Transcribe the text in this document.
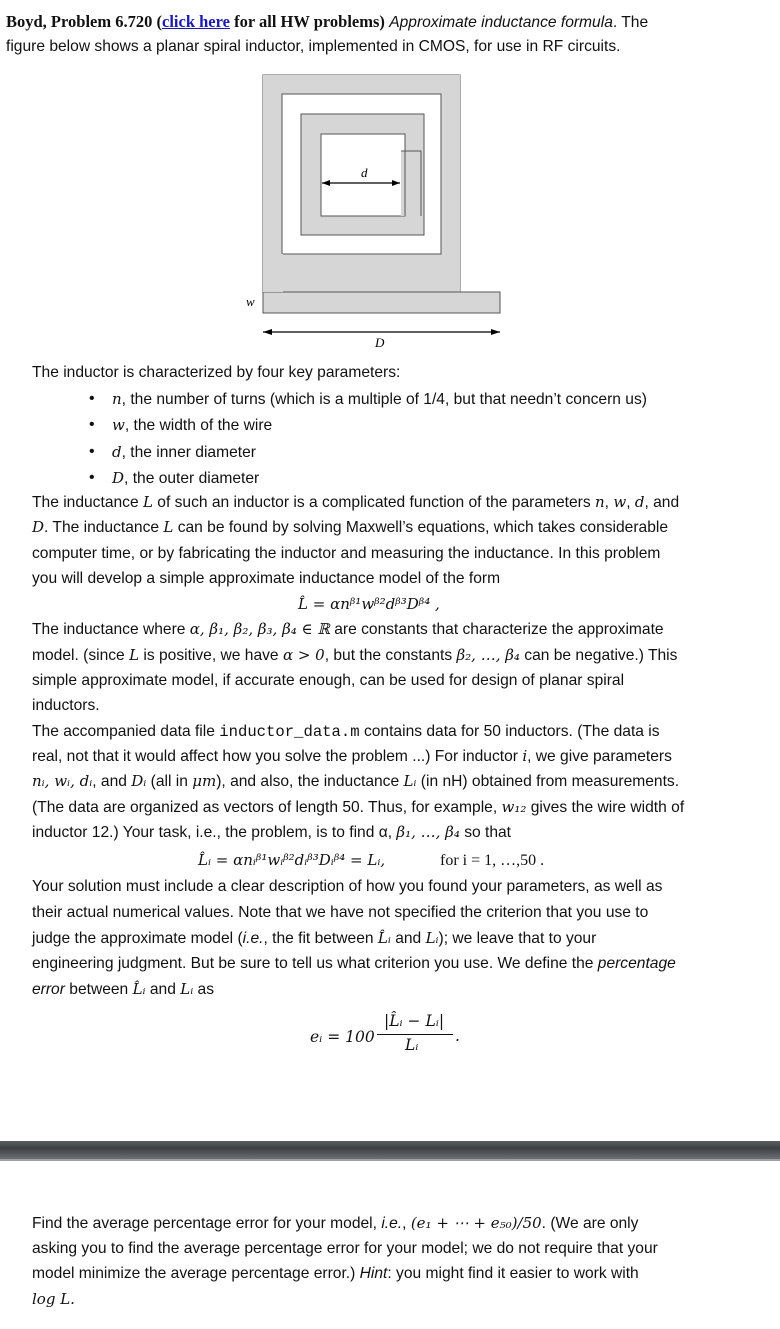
Boyd, Problem 6.720 (click here for all HW problems) Approximate inductance formula. The
figure below shows a planar spiral inductor, implemented in CMOS, for use in RF circuits.
d
w
D
The inductor is characterized by four key parameters:
• n, the number of turns (which is a multiple of 1/4, but that needn’t concern us)
• w, the width of the wire
• d, the inner diameter
• D, the outer diameter
The inductance L of such an inductor is a complicated function of the parameters n, w, d, and
D. The inductance L can be found by solving Maxwell’s equations, which takes considerable
computer time, or by fabricating the inductor and measuring the inductance. In this problem
you will develop a simple approximate inductance model of the form
L̂ = αnᵝ¹wᵝ²dᵝ³Dᵝ⁴ ,
The inductance where α, β₁, β₂, β₃, β₄ ∈ ℝ are constants that characterize the approximate
model. (since L is positive, we have α > 0, but the constants β₂, …, β₄ can be negative.) This
simple approximate model, if accurate enough, can be used for design of planar spiral
inductors.
The accompanied data file inductor_data.m contains data for 50 inductors. (The data is
real, not that it would affect how you solve the problem ...) For inductor i, we give parameters
nᵢ, wᵢ, dᵢ, and Dᵢ (all in μm), and also, the inductance Lᵢ (in nH) obtained from measurements.
(The data are organized as vectors of length 50. Thus, for example, w₁₂ gives the wire width of
inductor 12.) Your task, i.e., the problem, is to find α, β₁, …, β₄ so that
L̂ᵢ = αnᵢᵝ¹wᵢᵝ²dᵢᵝ³Dᵢᵝ⁴ = Lᵢ,	for i = 1, …,50 .
Your solution must include a clear description of how you found your parameters, as well as
their actual numerical values. Note that we have not specified the criterion that you use to
judge the approximate model (i.e., the fit between L̂ᵢ and Lᵢ); we leave that to your
engineering judgment. But be sure to tell us what criterion you use. We define the percentage
error between L̂ᵢ and Lᵢ as
eᵢ = 100
|L̂ᵢ − Lᵢ|
Lᵢ .
Find the average percentage error for your model, i.e., (e₁ + ⋯ + e₅₀)/50. (We are only
asking you to find the average percentage error for your model; we do not require that your
model minimize the average percentage error.) Hint: you might find it easier to work with
log L.
